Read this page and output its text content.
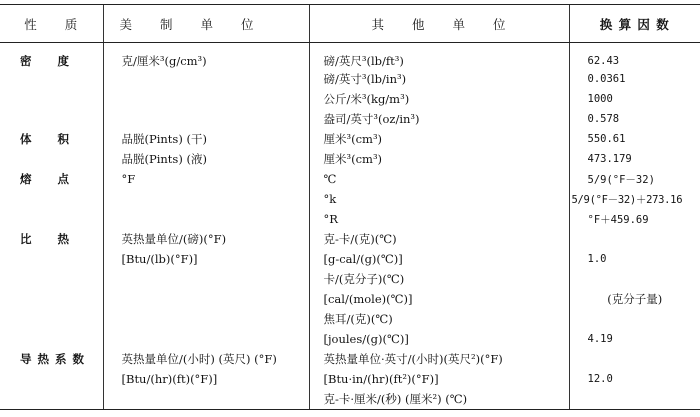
性　　质	美　　制　　单　　位	其　　他　　单　　位	换 算 因 数
密　　度	克/厘米³(g/cm³)	磅/英尺³(lb/ft³)	62.43
		磅/英寸³(lb/in³)	0.0361
		公斤/米³(kg/m³)	1000
		盎司/英寸³(oz/in³)	0.578
体　　积	品脱(Pints) (干)	厘米³(cm³)	550.61
	品脱(Pints) (液)	厘米³(cm³)	473.179
熔　　点	°F	℃	5/9(°F－32)
		°k	5/9(°F－32)＋273.16
		°R	°F＋459.69
比　　热	英热量单位/(磅)(°F)	克-卡/(克)(℃)	
	[Btu/(lb)(°F)]	[g-cal/(g)(℃)]	1.0
		卡/(克分子)(℃)	
		[cal/(mole)(℃)]	(克分子量)
		焦耳/(克)(℃)	
		[joules/(g)(℃)]	4.19
导 热 系 数	英热量单位/(小时) (英尺) (°F)	英热量单位·英寸/(小时)(英尺²)(°F)	
	[Btu/(hr)(ft)(°F)]	[Btu·in/(hr)(ft²)(°F)]	12.0
		克-卡·厘米/(秒) (厘米²) (℃)	
